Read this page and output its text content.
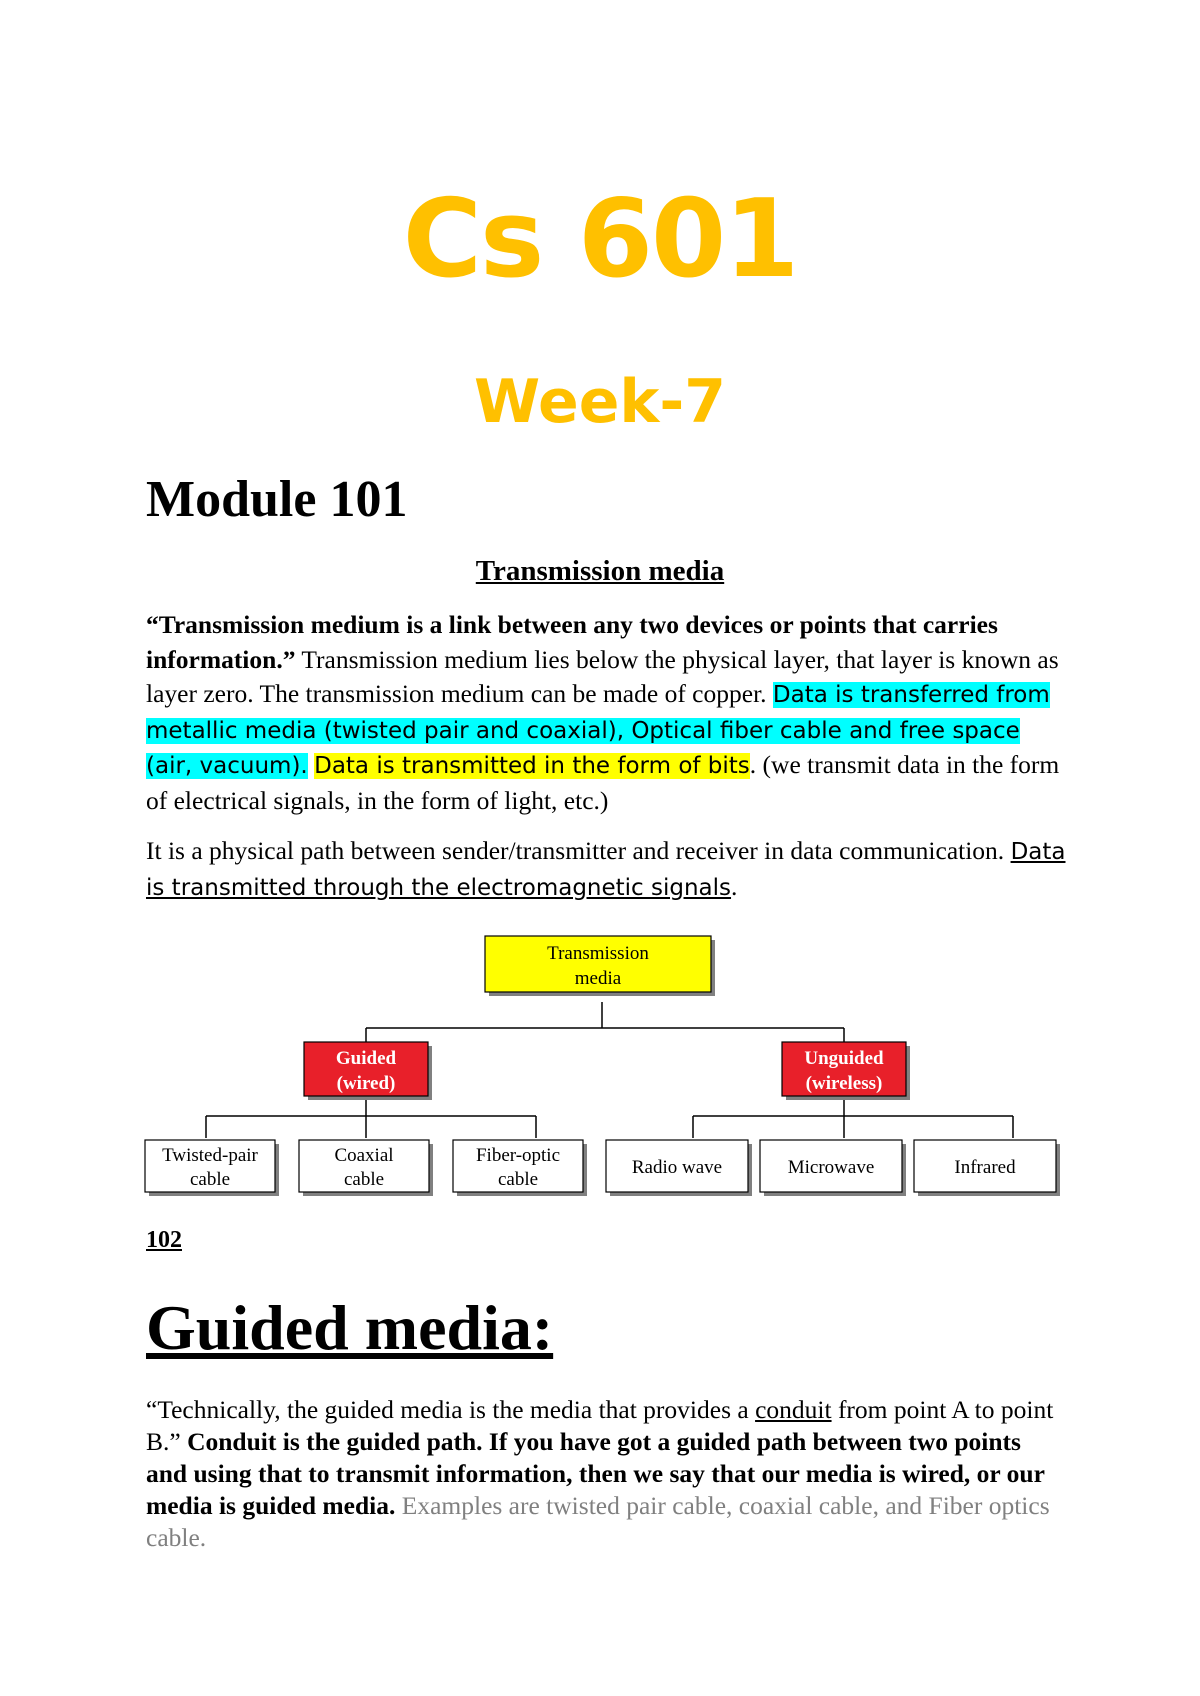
Cs 601
Week-7
Module 101
Transmission media

“Transmission medium is a link between any two devices or points that carries information.” Transmission medium lies below the physical layer, that layer is known as layer zero. The transmission medium can be made of copper. Data is transferred from metallic media (twisted pair and coaxial), Optical fiber cable and free space (air, vacuum). Data is transmitted in the form of bits. (we transmit data in the form of electrical signals, in the form of light, etc.)

It is a physical path between sender/transmitter and receiver in data communication. Data is transmitted through the electromagnetic signals.

Transmission
media
Guided
(wired)
Unguided
(wireless)
Twisted-pair
cable
Coaxial
cable
Fiber-optic
cable
Radio wave	Microwave	Infrared
102
Guided media:

“Technically, the guided media is the media that provides a conduit from point A to point B.” Conduit is the guided path. If you have got a guided path between two points and using that to transmit information, then we say that our media is wired, or our media is guided media. Examples are twisted pair cable, coaxial cable, and Fiber optics cable.
